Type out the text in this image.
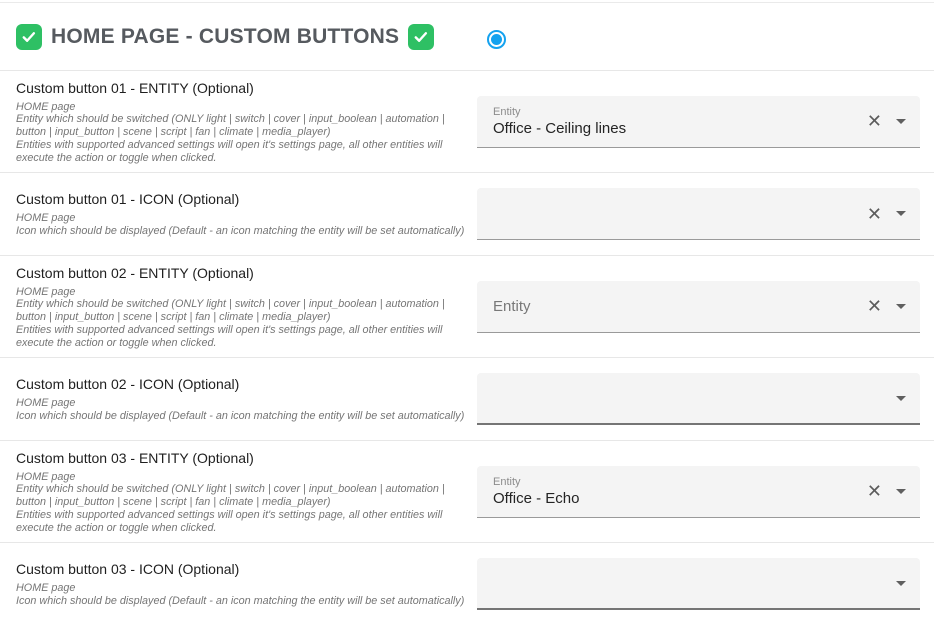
HOME PAGE - CUSTOM BUTTONS
Custom button 01 - ENTITY (Optional)
HOME page
Entity which should be switched (ONLY light | switch | cover | input_boolean | automation | button | input_button | scene | script | fan | climate | media_player)
Entities with supported advanced settings will open it's settings page, all other entities will execute the action or toggle when clicked.
Entity
Office - Ceiling lines	✕
Custom button 01 - ICON (Optional)
HOME page
Icon which should be displayed (Default - an icon matching the entity will be set automatically)
✕
Custom button 02 - ENTITY (Optional)
HOME page
Entity which should be switched (ONLY light | switch | cover | input_boolean | automation | button | input_button | scene | script | fan | climate | media_player)
Entities with supported advanced settings will open it's settings page, all other entities will execute the action or toggle when clicked.
Entity	✕
Custom button 02 - ICON (Optional)
HOME page
Icon which should be displayed (Default - an icon matching the entity will be set automatically)
Custom button 03 - ENTITY (Optional)
HOME page
Entity which should be switched (ONLY light | switch | cover | input_boolean | automation | button | input_button | scene | script | fan | climate | media_player)
Entities with supported advanced settings will open it's settings page, all other entities will execute the action or toggle when clicked.
Entity
Office - Echo	✕
Custom button 03 - ICON (Optional)
HOME page
Icon which should be displayed (Default - an icon matching the entity will be set automatically)
